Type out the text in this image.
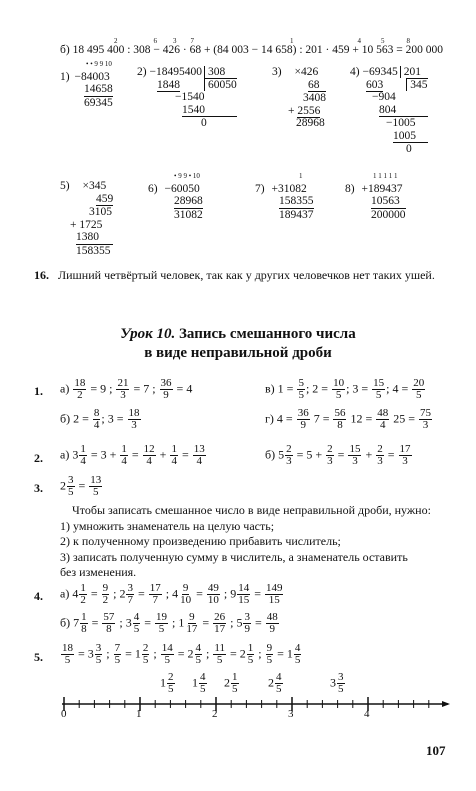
2	6 3 7	1	4	5	8
б) 18 495 400 : 308 − 426 · 68 + (84 003 − 14 658) : 201 · 459 + 10 563 = 200 000
• • 9 9 10
1) −84003
14658
69345
2) −18495400 308
1848 60050
−1540
1540
0
3) ×426
68
3408
+ 2556
28968
4) −69345 201
603 345
−904
804
−1005
1005
0
5) ×345
459
3105
+ 1725
1380
158355
• 9 9 • 10
6) −60050
28968
31082
1
7) +31082
158355
189437
1 1 1 1 1
8) +189437
10563
200000
16. Лишний четвёртый человек, так как у других человечков нет таких ушей.
Урок 10. Запись смешанного числа
в виде неправильной дроби
1. $а) \frac{18}{2} = 9$ ; $\frac{21}{3} = 7$ ; $\frac{36}{9} = 4$	в) $1 = \frac{5}{5}$ ; $2 = \frac{10}{5}$ ; $3 = \frac{15}{5}$ ; $4 = \frac{20}{5}$
б) $2 = \frac{8}{4}$ ; $3 = \frac{18}{3}$	г) $4 = \frac{36}{9} 7 = \frac{56}{8} 12 = \frac{48}{4} 25 = \frac{75}{3}$
2. а) $3 \frac{1}{4} = 3 + \frac{1}{4} = \frac{12}{4} + \frac{1}{4} = \frac{13}{4}$	б) $5 \frac{2}{3} = 5 + \frac{2}{3} = \frac{15}{3} + \frac{2}{3} = \frac{17}{3}$
3. $2 \frac{3}{5} = \frac{13}{5}$
Чтобы записать смешанное число в виде неправильной дроби, нужно:
1) умножить знаменатель на целую часть;
2) к полученному произведению прибавить числитель;
3) записать полученную сумму в числитель, а знаменатель оставить
без изменения.
4. а) $4 \frac{1}{2} = \frac{9}{2}$ ; $2 \frac{3}{7} = \frac{17}{7}$ ; $4 \frac{9}{10} = \frac{49}{10}$ ; $9 \frac{14}{15} = \frac{149}{15}$
б) $7 \frac{1}{8} = \frac{57}{8}$ ; $3 \frac{4}{5} = \frac{19}{5}$ ; $1 \frac{9}{17} = \frac{26}{17}$ ; $5 \frac{3}{9} = \frac{48}{9}$
5. $\frac{18}{5} = 3 \frac{3}{5}$ ; $\frac{7}{5} = 1 \frac{2}{5}$ ; $\frac{14}{5} = 2 \frac{4}{5}$ ; $\frac{11}{5} = 2 \frac{1}{5}$ ; $\frac{9}{5} = 1 \frac{4}{5}$
$1 \frac{2}{5} 1 \frac{4}{5} 2 \frac{1}{5} 2 \frac{4}{5}$	$3 \frac{3}{5}$
0	1	2	3	4
107
